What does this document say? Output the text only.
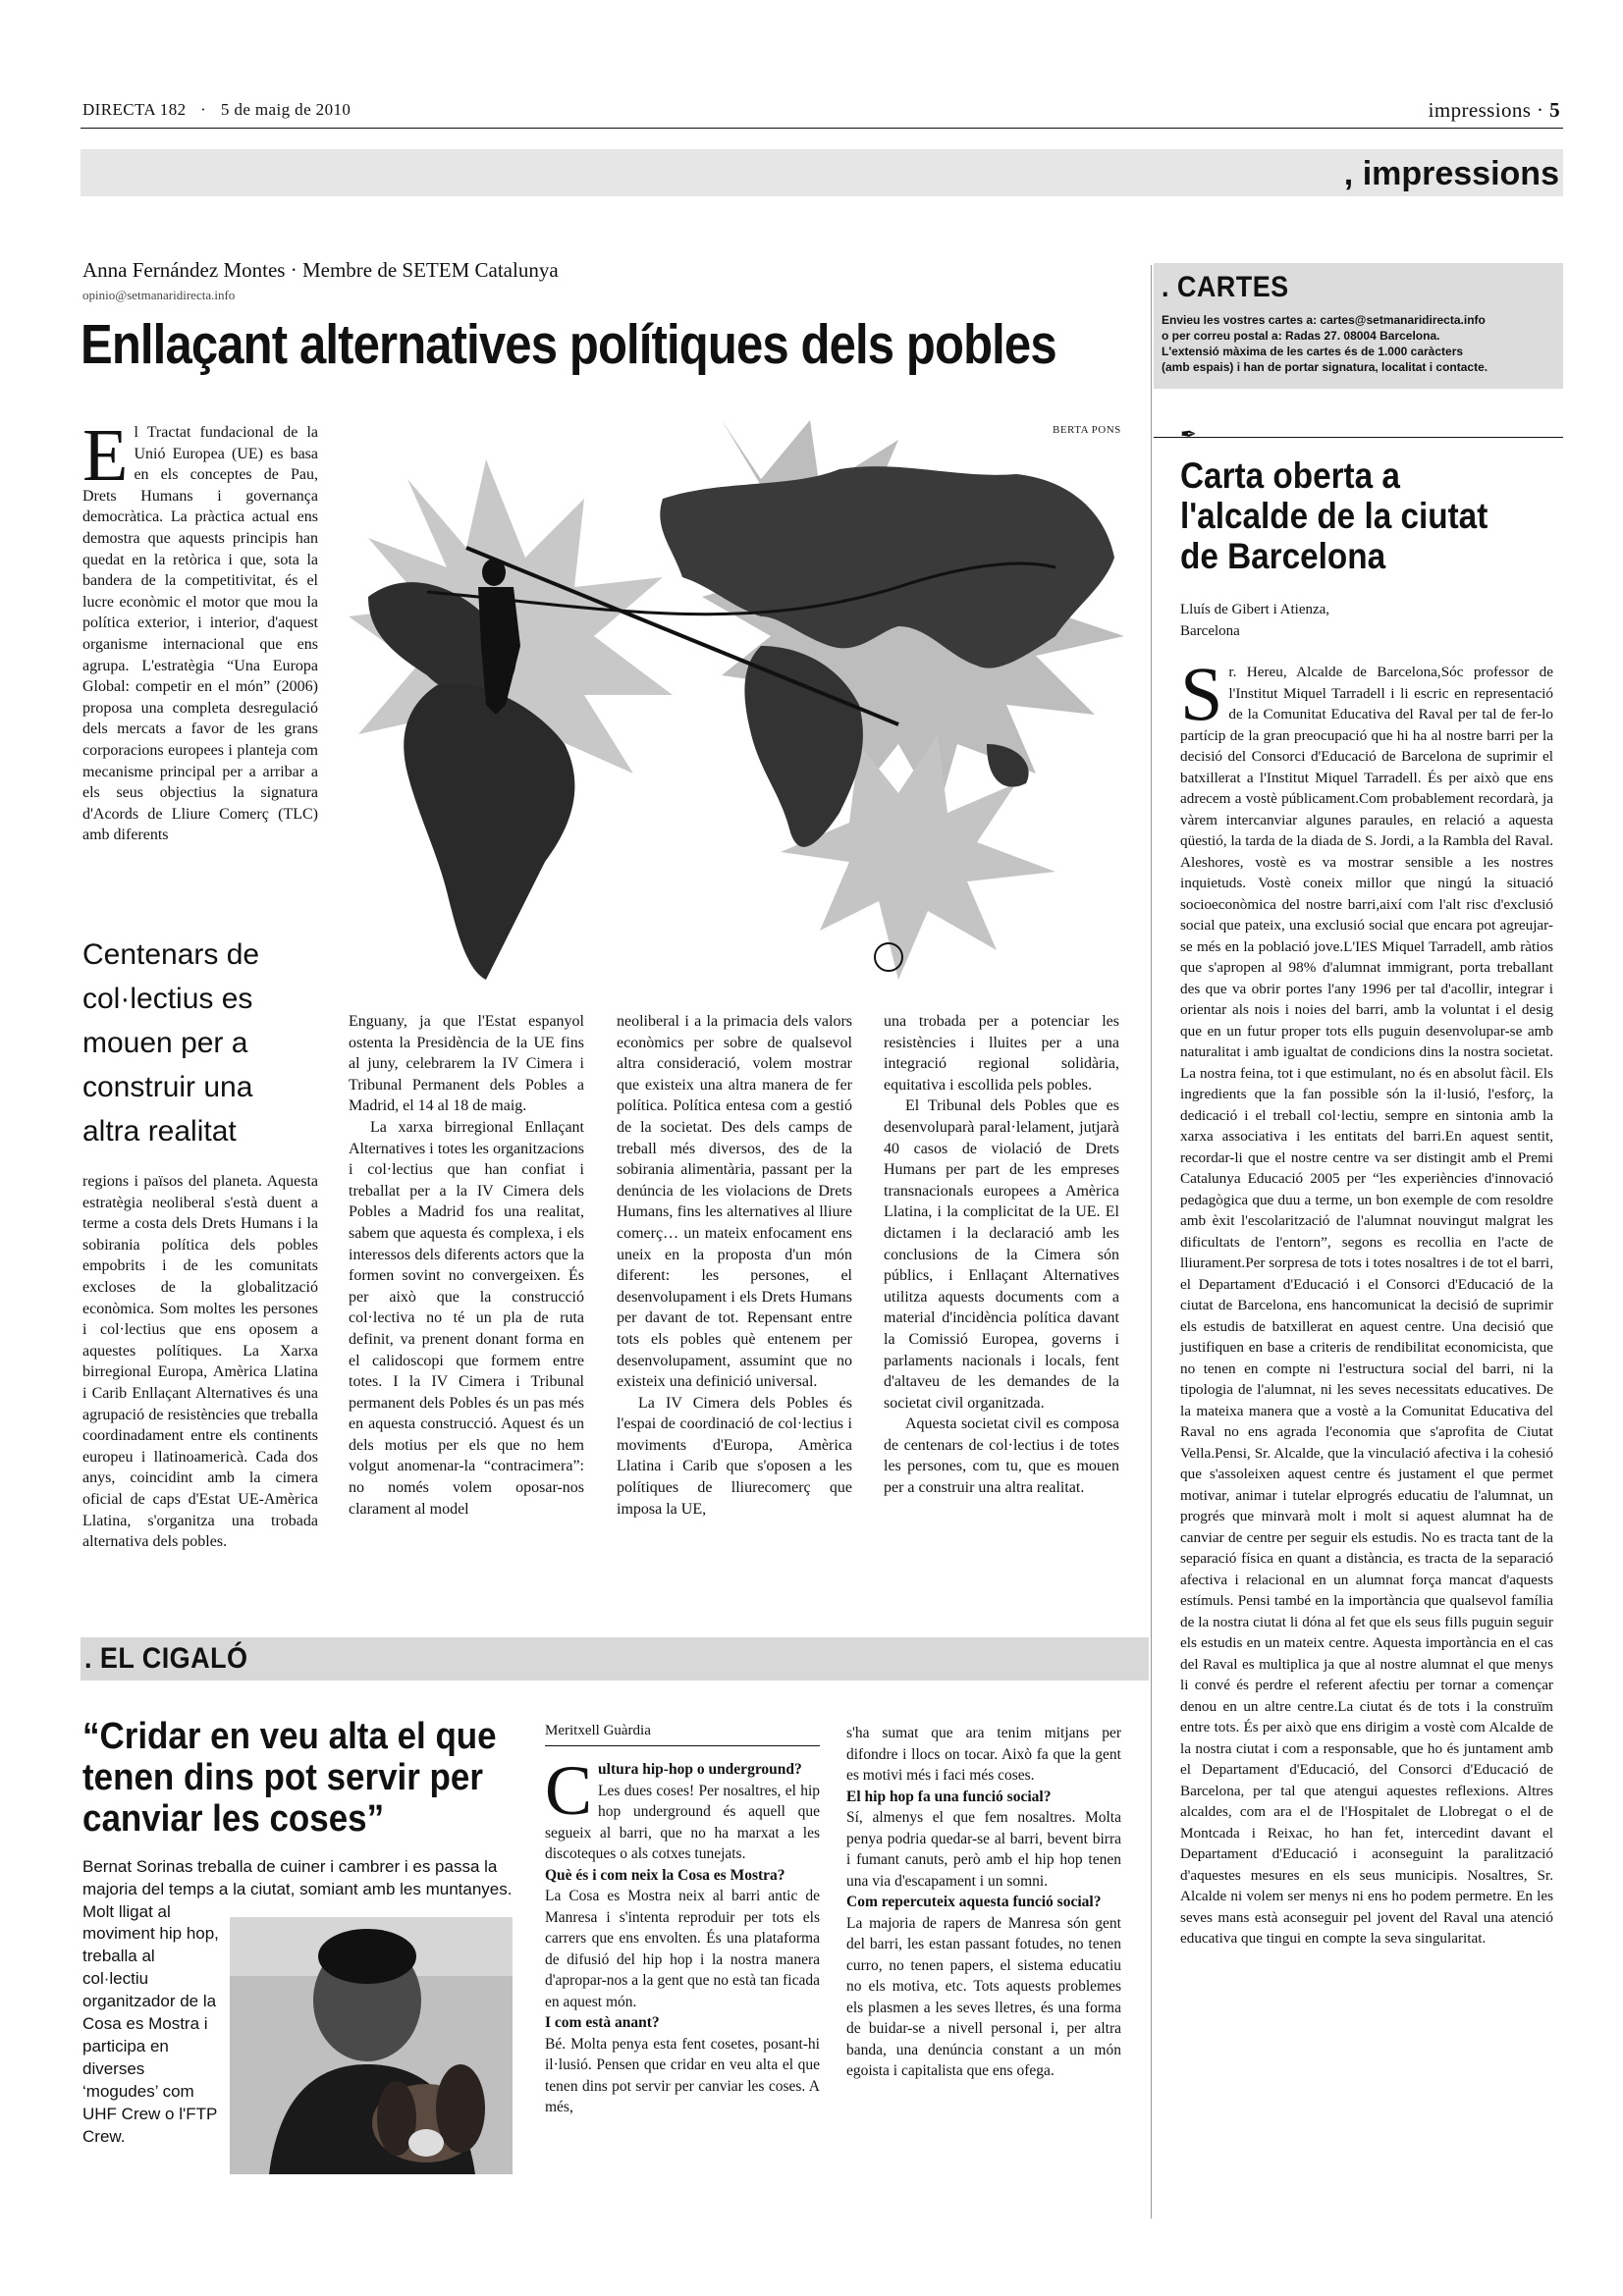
DIRECTA 182 · 5 de maig de 2010	impressions · 5
, impressions
Anna Fernández Montes · Membre de SETEM Catalunya
opinio@setmanaridirecta.info
Enllaçant alternatives polítiques dels pobles
BERTA PONS
E l Tractat fundacional de la Unió Europea (UE) es basa en els conceptes de Pau, Drets Humans i governança democràtica. La pràctica actual ens demostra que aquests principis han quedat en la retòrica i que, sota la bandera de la competitivitat, és el lucre econòmic el motor que mou la política exterior, i interior, d'aquest organisme internacional que ens agrupa. L'estratègia “Una Europa Global: competir en el món” (2006) proposa una completa desregulació dels mercats a favor de les grans corporacions europees i planteja com mecanisme principal per a arribar a els seus objectius la signatura d'Acords de Lliure Comerç (TLC) amb diferents

Centenars de col·lectius es mouen per a construir una altra realitat

regions i països del planeta. Aquesta estratègia neoliberal s'està duent a terme a costa dels Drets Humans i la sobirania política dels pobles empobrits i de les comunitats excloses de la globalització econòmica. Som moltes les persones i col·lectius que ens oposem a aquestes polítiques. La Xarxa birregional Europa, Amèrica Llatina i Carib Enllaçant Alternatives és una agrupació de resistències que treballa coordinadament entre els continents europeu i llatinoamericà. Cada dos anys, coincidint amb la cimera oficial de caps d'Estat UE-Amèrica Llatina, s'organitza una trobada alternativa dels pobles.

Enguany, ja que l'Estat espanyol ostenta la Presidència de la UE fins al juny, celebrarem la IV Cimera i Tribunal Permanent dels Pobles a Madrid, el 14 al 18 de maig.

La xarxa birregional Enllaçant Alternatives i totes les organitzacions i col·lectius que han confiat i treballat per a la IV Cimera dels Pobles a Madrid fos una realitat, sabem que aquesta és complexa, i els interessos dels diferents actors que la formen sovint no convergeixen. És per això que la construcció col·lectiva no té un pla de ruta definit, va prenent donant forma en el calidoscopi que formem entre totes. I la IV Cimera i Tribunal permanent dels Pobles és un pas més en aquesta construcció. Aquest és un dels motius per els que no hem volgut anomenar-la “contracimera”: no només volem oposar-nos clarament al model

neoliberal i a la primacia dels valors econòmics per sobre de qualsevol altra consideració, volem mostrar que existeix una altra manera de fer política. Política entesa com a gestió de la societat. Des dels camps de treball més diversos, des de la sobirania alimentària, passant per la denúncia de les violacions de Drets Humans, fins les alternatives al lliure comerç… un mateix enfocament ens uneix en la proposta d'un món diferent: les persones, el desenvolupament i els Drets Humans per davant de tot. Repensant entre tots els pobles què entenem per desenvolupament, assumint que no existeix una definició universal.

La IV Cimera dels Pobles és l'espai de coordinació de col·lectius i moviments d'Europa, Amèrica Llatina i Carib que s'oposen a les polítiques de lliurecomerç que imposa la UE,

una trobada per a potenciar les resistències i lluites per a una integració regional solidària, equitativa i escollida pels pobles.

El Tribunal dels Pobles que es desenvoluparà paral·lelament, jutjarà 40 casos de violació de Drets Humans per part de les empreses transnacionals europees a Amèrica Llatina, i la complicitat de la UE. El dictamen i la declaració amb les conclusions de la Cimera són públics, i Enllaçant Alternatives utilitza aquests documents com a material d'incidència política davant la Comissió Europea, governs i parlaments nacionals i locals, fent d'altaveu de les demandes de la societat civil organitzada.

Aquesta societat civil es composa de centenars de col·lectius i de totes les persones, com tu, que es mouen per a construir una altra realitat.

. CARTES
Envieu les vostres cartes a: cartes@setmanaridirecta.info
o per correu postal a: Radas 27. 08004 Barcelona.
L'extensió màxima de les cartes és de 1.000 caràcters
(amb espais) i han de portar signatura, localitat i contacte.
✒
Carta oberta a l'alcalde de la ciutat de Barcelona
Lluís de Gibert i Atienza,
Barcelona
S r. Hereu, Alcalde de Barcelona,Sóc professor de l'Institut Miquel Tarradell i li escric en representació de la Comunitat Educativa del Raval per tal de fer-lo partícip de la gran preocupació que hi ha al nostre barri per la decisió del Consorci d'Educació de Barcelona de suprimir el batxillerat a l'Institut Miquel Tarradell. És per això que ens adrecem a vostè públicament.Com probablement recordarà, ja vàrem intercanviar algunes paraules, en relació a aquesta qüestió, la tarda de la diada de S. Jordi, a la Rambla del Raval. Aleshores, vostè es va mostrar sensible a les nostres inquietuds. Vostè coneix millor que ningú la situació socioeconòmica del nostre barri,així com l'alt risc d'exclusió social que pateix, una exclusió social que encara pot agreujar-se més en la població jove.L'IES Miquel Tarradell, amb ràtios que s'apropen al 98% d'alumnat immigrant, porta treballant des que va obrir portes l'any 1996 per tal d'acollir, integrar i orientar als nois i noies del barri, amb la voluntat i el desig que en un futur proper tots ells puguin desenvolupar-se amb naturalitat i amb igualtat de condicions dins la nostra societat. La nostra feina, tot i que estimulant, no és en absolut fàcil. Els ingredients que la fan possible són la il·lusió, l'esforç, la dedicació i el treball col·lectiu, sempre en sintonia amb la xarxa associativa i les entitats del barri.En aquest sentit, recordar-li que el nostre centre va ser distingit amb el Premi Catalunya Educació 2005 per “les experiències d'innovació pedagògica que duu a terme, un bon exemple de com resoldre amb èxit l'escolarització de l'alumnat nouvingut malgrat les dificultats de l'entorn”, segons es recollia en l'acte de lliurament.Per sorpresa de tots i totes nosaltres i de tot el barri, el Departament d'Educació i el Consorci d'Educació de la ciutat de Barcelona, ens hancomunicat la decisió de suprimir els estudis de batxillerat en aquest centre. Una decisió que justifiquen en base a criteris de rendibilitat economicista, que no tenen en compte ni l'estructura social del barri, ni la tipologia de l'alumnat, ni les seves necessitats educatives. De la mateixa manera que a vostè a la Comunitat Educativa del Raval no ens agrada l'economia que s'aprofita de Ciutat Vella.Pensi, Sr. Alcalde, que la vinculació afectiva i la cohesió que s'assoleixen aquest centre és justament el que permet motivar, animar i tutelar elprogrés educatiu de l'alumnat, un progrés que minvarà molt i molt si aquest alumnat ha de canviar de centre per seguir els estudis. No es tracta tant de la separació física en quant a distància, es tracta de la separació afectiva i relacional en un alumnat força mancat d'aquests estímuls. Pensi també en la importància que qualsevol família de la nostra ciutat li dóna al fet que els seus fills puguin seguir els estudis en un mateix centre. Aquesta importància en el cas del Raval es multiplica ja que al nostre alumnat el que menys li convé és perdre el referent afectiu per tornar a començar denou en un altre centre.La ciutat és de tots i la construïm entre tots. És per això que ens dirigim a vostè com Alcalde de la nostra ciutat i com a responsable, que ho és juntament amb el Departament d'Educació, del Consorci d'Educació de Barcelona, per tal que atengui aquestes reflexions. Altres alcaldes, com ara el de l'Hospitalet de Llobregat o el de Montcada i Reixac, ho han fet, intercedint davant el Departament d'Educació i aconseguint la paralització d'aquestes mesures en els seus municipis. Nosaltres, Sr. Alcalde ni volem ser menys ni ens ho podem permetre. En les seves mans està aconseguir pel jovent del Raval una atenció educativa que tingui en compte la seva singularitat.

. EL CIGALÓ
“Cridar en veu alta el que tenen dins pot servir per canviar les coses”
Bernat Sorinas treballa de cuiner i cambrer i es passa la majoria del temps a la ciutat, somiant amb les muntanyes. Molt lligat al
moviment hip hop, treballa al col·lectiu organitzador de la Cosa es Mostra i participa en diverses ‘mogudes’ com UHF Crew o l'FTP Crew.
Meritxell Guàrdia
C ultura hip-hop o underground?

Les dues coses! Per nosaltres, el hip hop underground és aquell que segueix al barri, que no ha marxat a les discoteques o als cotxes tunejats.

Què és i com neix la Cosa es Mostra?

La Cosa es Mostra neix al barri antic de Manresa i s'intenta reproduir per tots els carrers que ens envolten. És una plataforma de difusió del hip hop i la nostra manera d'apropar-nos a la gent que no està tan ficada en aquest món.

I com està anant?

Bé. Molta penya esta fent cosetes, posant-hi il·lusió. Pensen que cridar en veu alta el que tenen dins pot servir per canviar les coses. A més,

s'ha sumat que ara tenim mitjans per difondre i llocs on tocar. Això fa que la gent es motivi més i faci més coses.

El hip hop fa una funció social?

Sí, almenys el que fem nosaltres. Molta penya podria quedar-se al barri, bevent birra i fumant canuts, però amb el hip hop tenen una via d'escapament i un somni.

Com repercuteix aquesta funció social?

La majoria de rapers de Manresa són gent del barri, les estan passant fotudes, no tenen curro, no tenen papers, el sistema educatiu no els motiva, etc. Tots aquests problemes els plasmen a les seves lletres, és una forma de buidar-se a nivell personal i, per altra banda, una denúncia constant a un món egoista i capitalista que ens ofega.
